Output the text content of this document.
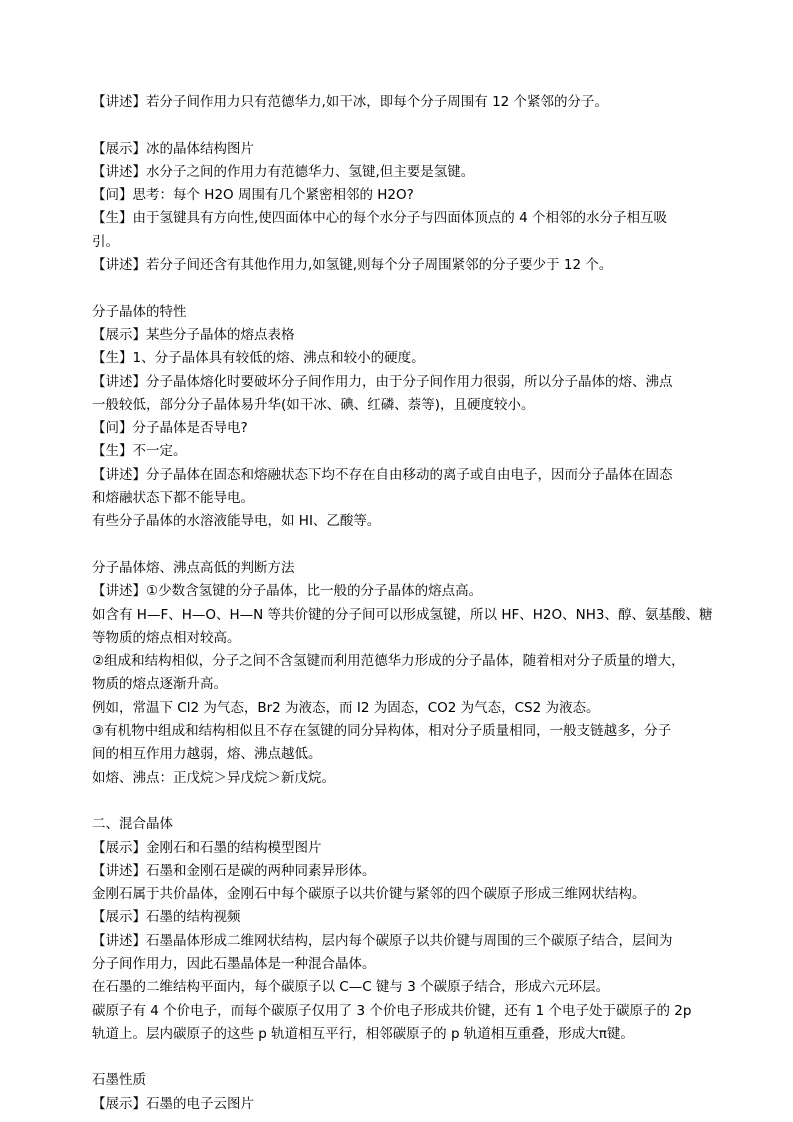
【讲述】若分子间作用力只有范德华力,如干冰，即每个分子周围有 12 个紧邻的分子。
【展示】冰的晶体结构图片
【讲述】水分子之间的作用力有范德华力、氢键,但主要是氢键。
【问】思考：每个 H2O 周围有几个紧密相邻的 H2O?
【生】由于氢键具有方向性,使四面体中心的每个水分子与四面体顶点的 4 个相邻的水分子相互吸
引。
【讲述】若分子间还含有其他作用力,如氢键,则每个分子周围紧邻的分子要少于 12 个。
分子晶体的特性
【展示】某些分子晶体的熔点表格
【生】1、分子晶体具有较低的熔、沸点和较小的硬度。
【讲述】分子晶体熔化时要破坏分子间作用力，由于分子间作用力很弱，所以分子晶体的熔、沸点
一般较低，部分分子晶体易升华(如干冰、碘、红磷、萘等)，且硬度较小。
【问】分子晶体是否导电?
【生】不一定。
【讲述】分子晶体在固态和熔融状态下均不存在自由移动的离子或自由电子，因而分子晶体在固态
和熔融状态下都不能导电。
有些分子晶体的水溶液能导电，如 HI、乙酸等。
分子晶体熔、沸点高低的判断方法
【讲述】①少数含氢键的分子晶体，比一般的分子晶体的熔点高。
如含有 H—F、H—O、H—N 等共价键的分子间可以形成氢键，所以 HF、H2O、NH3、醇、氨基酸、糖
等物质的熔点相对较高。
②组成和结构相似，分子之间不含氢键而利用范德华力形成的分子晶体，随着相对分子质量的增大，
物质的熔点逐渐升高。
例如，常温下 Cl2 为气态，Br2 为液态，而 I2 为固态，CO2 为气态，CS2 为液态。
③有机物中组成和结构相似且不存在氢键的同分异构体，相对分子质量相同，一般支链越多，分子
间的相互作用力越弱，熔、沸点越低。
如熔、沸点：正戊烷＞异戊烷＞新戊烷。
二、混合晶体
【展示】金刚石和石墨的结构模型图片
【讲述】石墨和金刚石是碳的两种同素异形体。
金刚石属于共价晶体，金刚石中每个碳原子以共价键与紧邻的四个碳原子形成三维网状结构。
【展示】石墨的结构视频
【讲述】石墨晶体形成二维网状结构，层内每个碳原子以共价键与周围的三个碳原子结合，层间为
分子间作用力，因此石墨晶体是一种混合晶体。
在石墨的二维结构平面内，每个碳原子以 C—C 键与 3 个碳原子结合，形成六元环层。
碳原子有 4 个价电子，而每个碳原子仅用了 3 个价电子形成共价键，还有 1 个电子处于碳原子的 2p
轨道上。层内碳原子的这些 p 轨道相互平行，相邻碳原子的 p 轨道相互重叠，形成大π键。
石墨性质
【展示】石墨的电子云图片
